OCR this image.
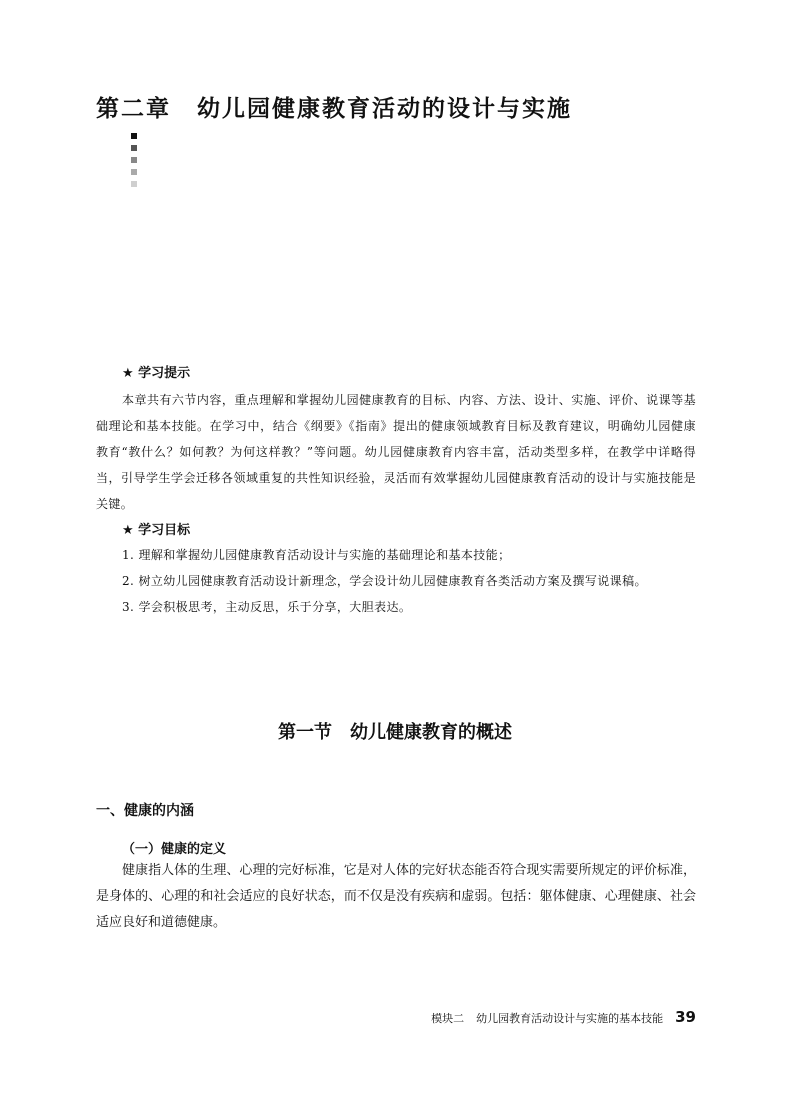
第二章 幼儿园健康教育活动的设计与实施
★ 学习提示
本章共有六节内容，重点理解和掌握幼儿园健康教育的目标、内容、方法、设计、实施、评价、说课等基础理论和基本技能。在学习中，结合《纲要》《指南》提出的健康领域教育目标及教育建议，明确幼儿园健康教育“教什么？如何教？为何这样教？”等问题。幼儿园健康教育内容丰富，活动类型多样，在教学中详略得当，引导学生学会迁移各领域重复的共性知识经验，灵活而有效掌握幼儿园健康教育活动的设计与实施技能是关键。
★ 学习目标
1. 理解和掌握幼儿园健康教育活动设计与实施的基础理论和基本技能；
2. 树立幼儿园健康教育活动设计新理念，学会设计幼儿园健康教育各类活动方案及撰写说课稿。
3. 学会积极思考，主动反思，乐于分享，大胆表达。
第一节 幼儿健康教育的概述
一、健康的内涵
（一）健康的定义
健康指人体的生理、心理的完好标准，它是对人体的完好状态能否符合现实需要所规定的评价标准，是身体的、心理的和社会适应的良好状态，而不仅是没有疾病和虚弱。包括：躯体健康、心理健康、社会适应良好和道德健康。
模块二 幼儿园教育活动设计与实施的基本技能 39
